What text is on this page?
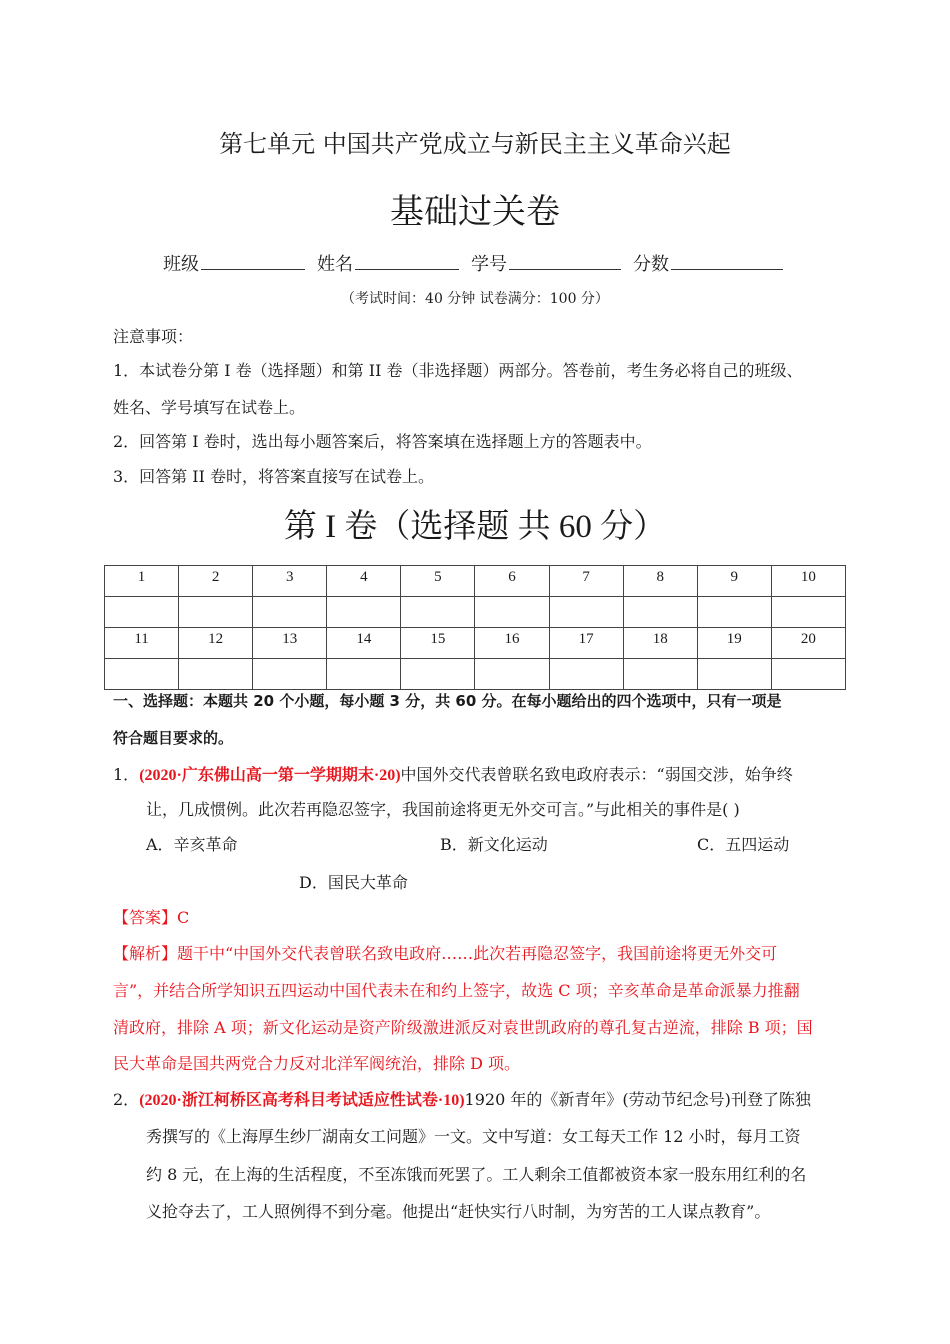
第七单元 中国共产党成立与新民主主义革命兴起
基础过关卷
班级	姓名	学号	分数
（考试时间：40 分钟 试卷满分：100 分）
注意事项：
1．本试卷分第 I 卷（选择题）和第 II 卷（非选择题）两部分。答卷前，考生务必将自己的班级、
姓名、学号填写在试卷上。
2．回答第 I 卷时，选出每小题答案后，将答案填在选择题上方的答题表中。
3．回答第 II 卷时，将答案直接写在试卷上。
第 I 卷（选择题 共 60 分）
1	2	3	4	5	6	7	8	9	10

11	12	13	14	15	16	17	18	19	20

一、选择题：本题共 20 个小题，每小题 3 分，共 60 分。在每小题给出的四个选项中，只有一项是
符合题目要求的。
1．(2020·广东佛山高一第一学期期末·20)中国外交代表曾联名致电政府表示：“弱国交涉，始争终
让，几成惯例。此次若再隐忍签字，我国前途将更无外交可言。”与此相关的事件是( )
A．辛亥革命	B．新文化运动	C．五四运动
D．国民大革命
【答案】C
【解析】题干中“中国外交代表曾联名致电政府……此次若再隐忍签字，我国前途将更无外交可
言”，并结合所学知识五四运动中国代表未在和约上签字，故选 C 项；辛亥革命是革命派暴力推翻
清政府，排除 A 项；新文化运动是资产阶级激进派反对袁世凯政府的尊孔复古逆流，排除 B 项；国
民大革命是国共两党合力反对北洋军阀统治，排除 D 项。
2．(2020·浙江柯桥区高考科目考试适应性试卷·10)1920 年的《新青年》(劳动节纪念号)刊登了陈独
秀撰写的《上海厚生纱厂湖南女工问题》一文。文中写道：女工每天工作 12 小时，每月工资
约 8 元，在上海的生活程度，不至冻饿而死罢了。工人剩余工值都被资本家一股东用红利的名
义抢夺去了，工人照例得不到分毫。他提出“赶快实行八时制，为穷苦的工人谋点教育”。
